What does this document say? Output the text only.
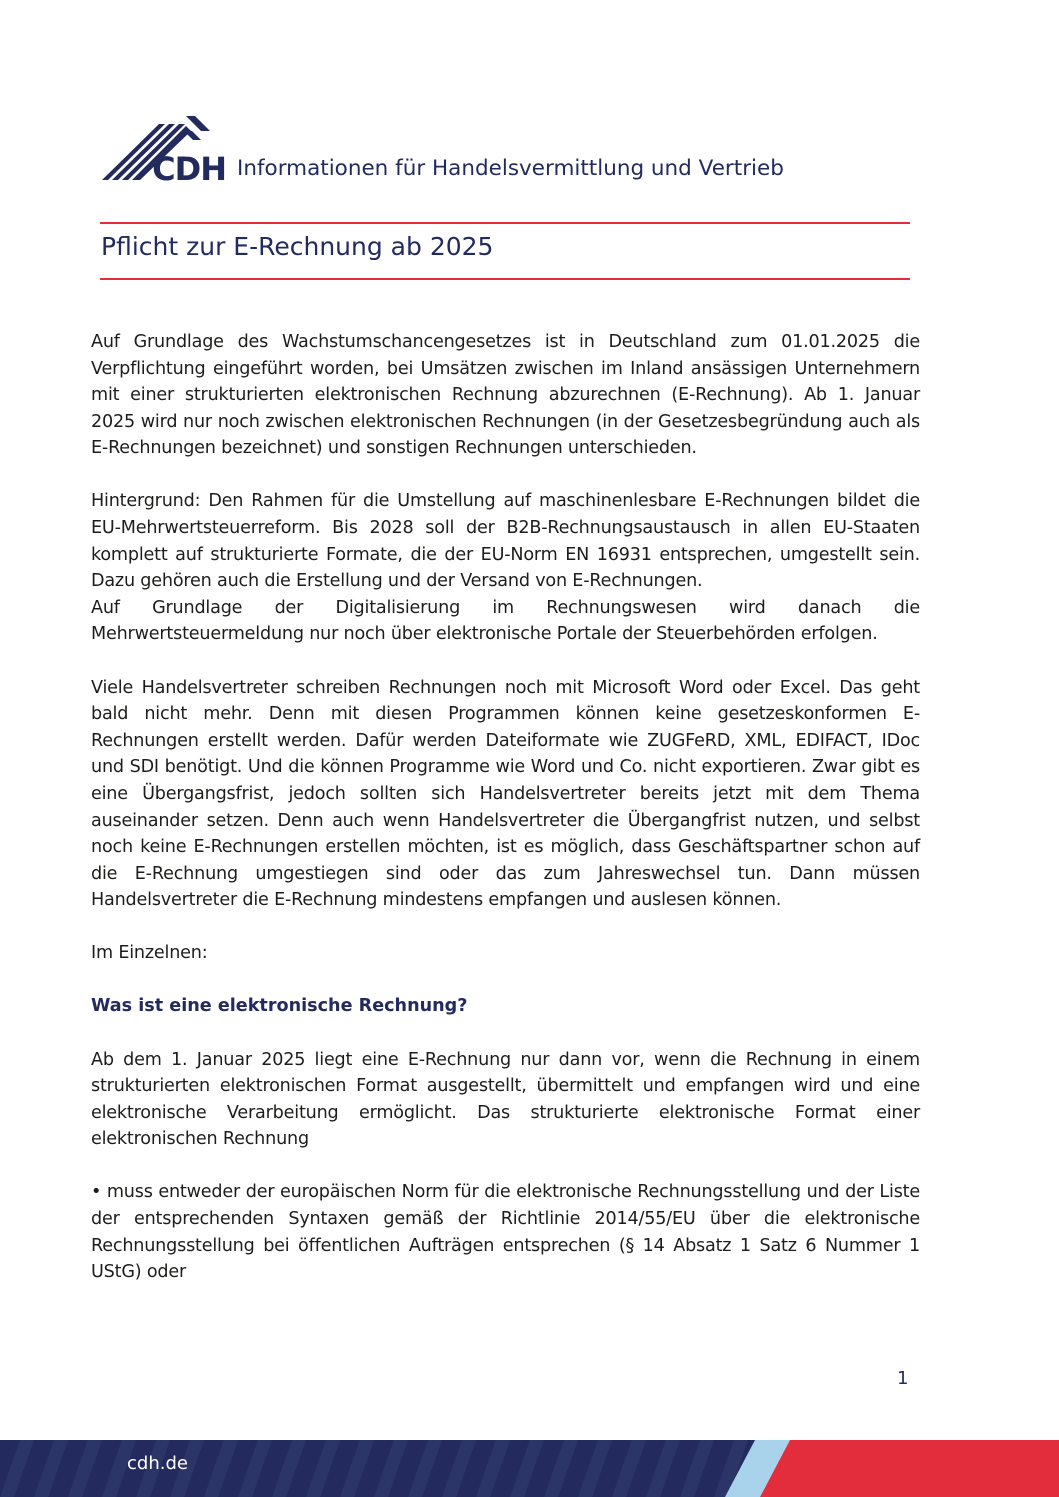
CDH Informationen für Handelsvermittlung und Vertrieb
Pflicht zur E-Rechnung ab 2025

Auf Grundlage des Wachstumschancengesetzes ist in Deutschland zum 01.01.2025 die Verpflichtung eingeführt worden, bei Umsätzen zwischen im Inland ansässigen Unternehmern mit einer strukturierten elektronischen Rechnung abzurechnen (E-Rechnung). Ab 1. Januar 2025 wird nur noch zwischen elektronischen Rechnungen (in der Gesetzesbegründung auch als E-Rechnungen bezeichnet) und sonstigen Rechnungen unterschieden.

Hintergrund: Den Rahmen für die Umstellung auf maschinenlesbare E-Rechnungen bildet die EU-Mehrwertsteuerreform. Bis 2028 soll der B2B-Rechnungsaustausch in allen EU-Staaten komplett auf strukturierte Formate, die der EU-Norm EN 16931 entsprechen, umgestellt sein. Dazu gehören auch die Erstellung und der Versand von E-Rechnungen.

Auf Grundlage der Digitalisierung im Rechnungswesen wird danach die Mehrwertsteuermeldung nur noch über elektronische Portale der Steuerbehörden erfolgen.

Viele Handelsvertreter schreiben Rechnungen noch mit Microsoft Word oder Excel. Das geht bald nicht mehr. Denn mit diesen Programmen können keine gesetzeskonformen E-Rechnungen erstellt werden. Dafür werden Dateiformate wie ZUGFeRD, XML, EDIFACT, IDoc und SDI benötigt. Und die können Programme wie Word und Co. nicht exportieren. Zwar gibt es eine Übergangsfrist, jedoch sollten sich Handelsvertreter bereits jetzt mit dem Thema auseinander setzen. Denn auch wenn Handelsvertreter die Übergangfrist nutzen, und selbst noch keine E-Rechnungen erstellen möchten, ist es möglich, dass Geschäftspartner schon auf die E-Rechnung umgestiegen sind oder das zum Jahreswechsel tun. Dann müssen Handelsvertreter die E-Rechnung mindestens empfangen und auslesen können.

Im Einzelnen:

Was ist eine elektronische Rechnung?

Ab dem 1. Januar 2025 liegt eine E-Rechnung nur dann vor, wenn die Rechnung in einem strukturierten elektronischen Format ausgestellt, übermittelt und empfangen wird und eine elektronische Verarbeitung ermöglicht. Das strukturierte elektronische Format einer elektronischen Rechnung

• muss entweder der europäischen Norm für die elektronische Rechnungsstellung und der Liste der entsprechenden Syntaxen gemäß der Richtlinie 2014/55/EU über die elektronische Rechnungsstellung bei öffentlichen Aufträgen entsprechen (§ 14 Absatz 1 Satz 6 Nummer 1 UStG) oder

1
cdh.de
